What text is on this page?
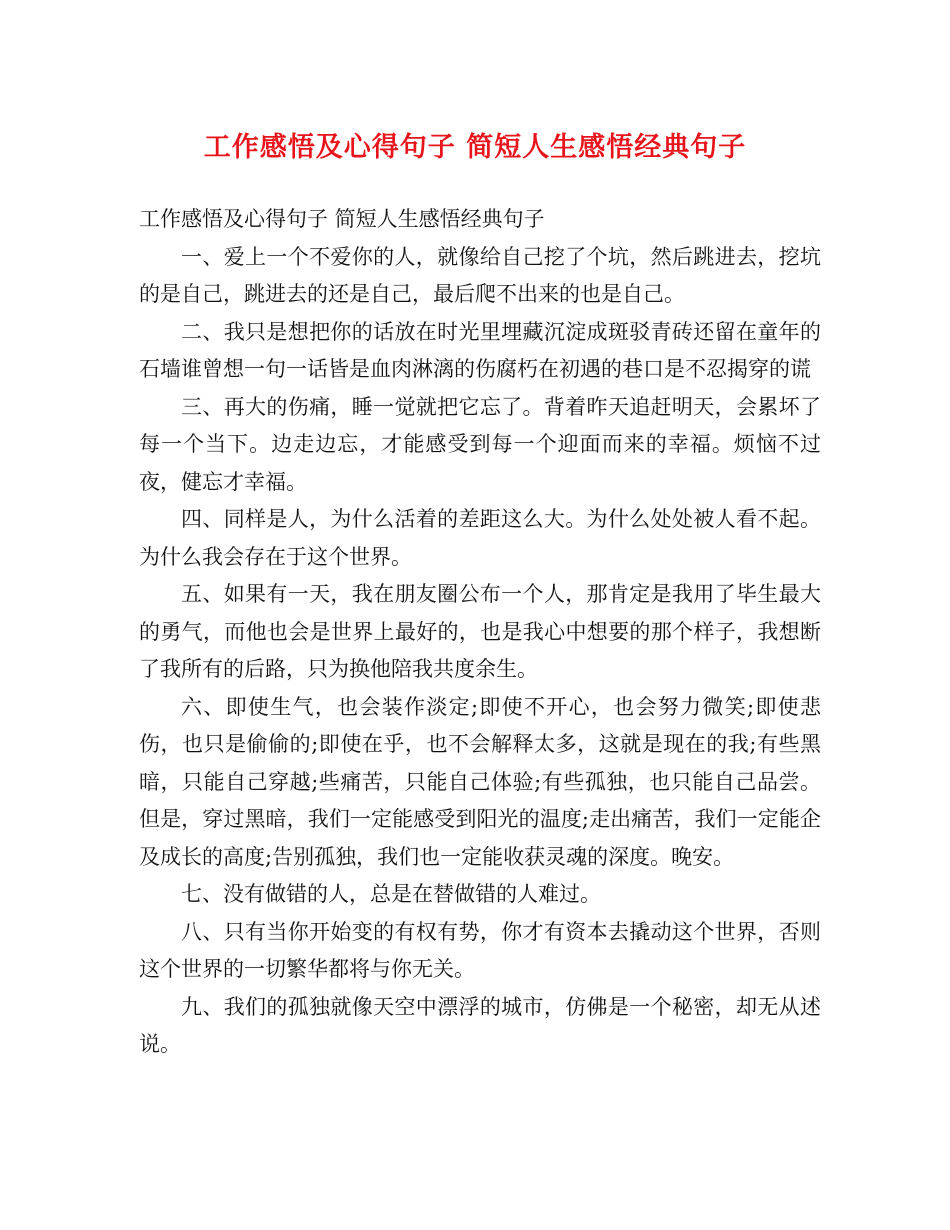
工作感悟及心得句子 简短人生感悟经典句子

工作感悟及心得句子 简短人生感悟经典句子

一、爱上一个不爱你的人，就像给自己挖了个坑，然后跳进去，挖坑的是自己，跳进去的还是自己，最后爬不出来的也是自己。

二、我只是想把你的话放在时光里埋藏沉淀成斑驳青砖还留在童年的石墙谁曾想一句一话皆是血肉淋漓的伤腐朽在初遇的巷口是不忍揭穿的谎

三、再大的伤痛，睡一觉就把它忘了。背着昨天追赶明天，会累坏了每一个当下。边走边忘，才能感受到每一个迎面而来的幸福。烦恼不过夜，健忘才幸福。

四、同样是人，为什么活着的差距这么大。为什么处处被人看不起。为什么我会存在于这个世界。

五、如果有一天，我在朋友圈公布一个人，那肯定是我用了毕生最大的勇气，而他也会是世界上最好的，也是我心中想要的那个样子，我想断了我所有的后路，只为换他陪我共度余生。

六、即使生气，也会装作淡定;即使不开心，也会努力微笑;即使悲伤，也只是偷偷的;即使在乎，也不会解释太多，这就是现在的我;有些黑暗，只能自己穿越;些痛苦，只能自己体验;有些孤独，也只能自己品尝。但是，穿过黑暗，我们一定能感受到阳光的温度;走出痛苦，我们一定能企及成长的高度;告别孤独，我们也一定能收获灵魂的深度。晚安。

七、没有做错的人，总是在替做错的人难过。

八、只有当你开始变的有权有势，你才有资本去撬动这个世界，否则这个世界的一切繁华都将与你无关。

九、我们的孤独就像天空中漂浮的城市，仿佛是一个秘密，却无从述说。
